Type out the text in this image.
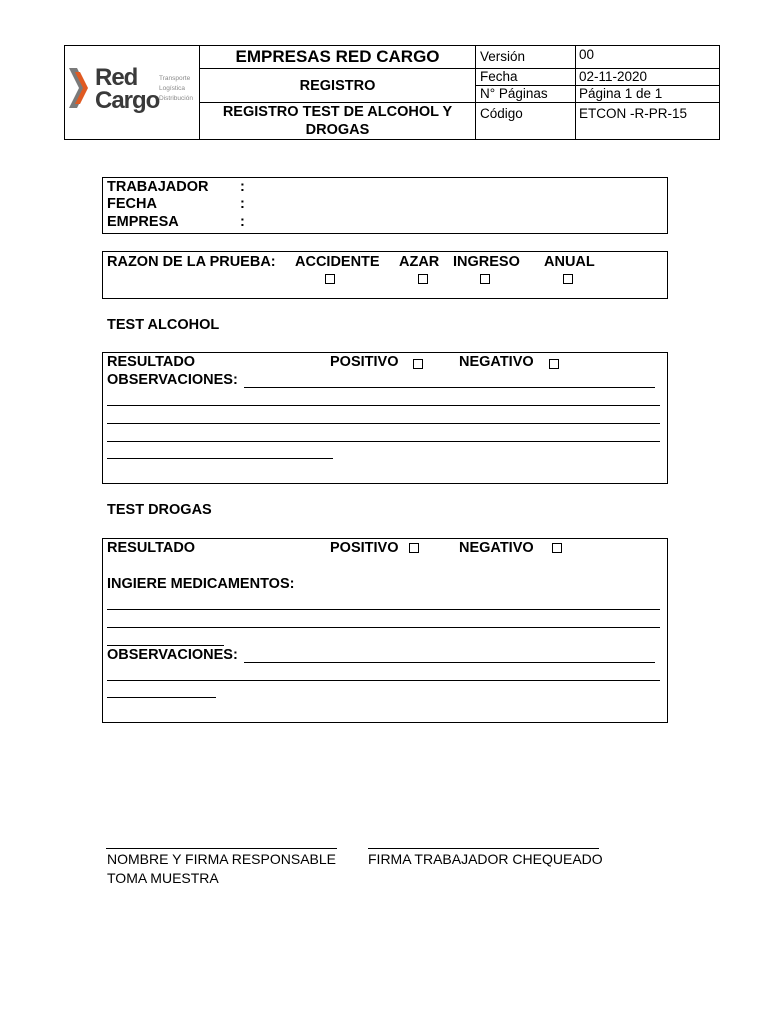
Red
Cargo
Transporte
Logística
Distribución
EMPRESAS RED CARGO
REGISTRO
REGISTRO TEST DE ALCOHOL Y DROGAS
Versión	00
Fecha	02-11-2020
N° Páginas Página 1 de 1
Código	ETCON -R-PR-15
TRABAJADOR :
FECHA	:
EMPRESA	:
RAZON DE LA PRUEBA: ACCIDENTE AZAR INGRESO ANUAL
TEST ALCOHOL
RESULTADO	POSITIVO	NEGATIVO
OBSERVACIONES:
TEST DROGAS
RESULTADO	POSITIVO	NEGATIVO
INGIERE MEDICAMENTOS:
OBSERVACIONES:
NOMBRE Y FIRMA RESPONSABLE
TOMA MUESTRA
FIRMA TRABAJADOR CHEQUEADO
